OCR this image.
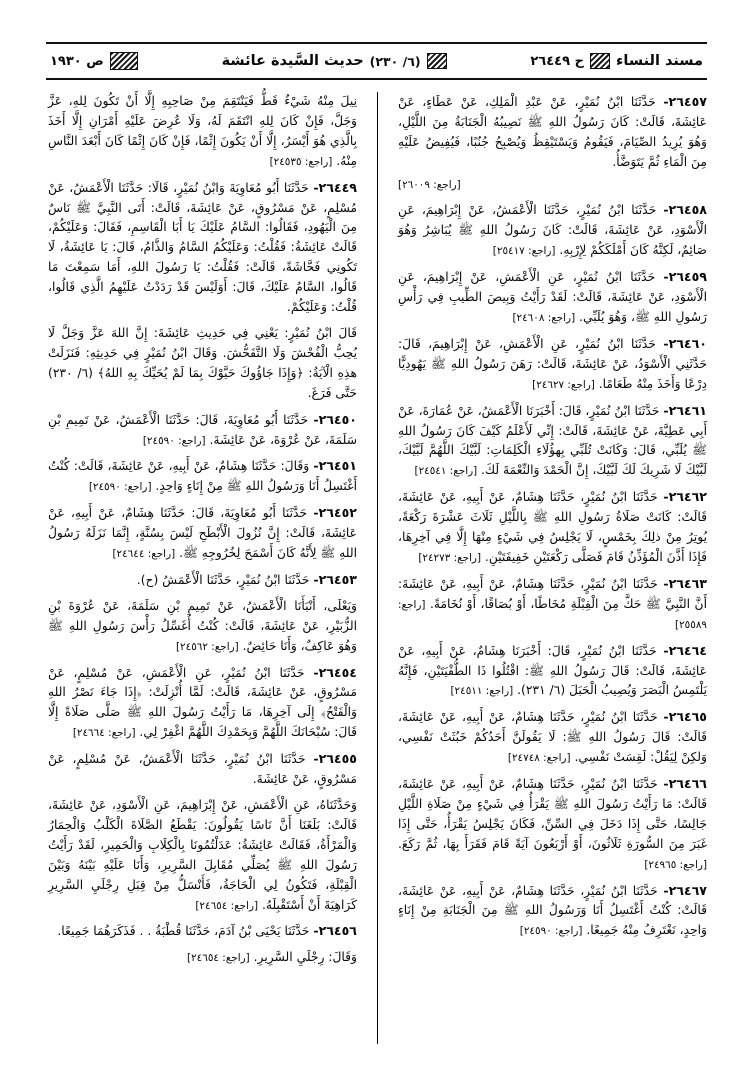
ص ١٩٣٠	(٦/ ٢٣٠)
حديث السَّيدة عائشة	مسند النساء
ح ٢٦٤٤٩

٢٦٤٥٧- حَدَّثَنَا ابْنُ نُمَيْرٍ، عَنْ عَبْدِ الْمَلِكِ، عَنْ عَطَاءٍ، عَنْ عَائِشَةَ، قَالَتْ: كَانَ رَسُولُ اللهِ ﷺ نَصِيبُهُ الْجَنَابَةُ مِنَ اللَّيْلِ، وَهُوَ يُرِيدُ الصِّيَامَ، فَيَقُومُ وَيَسْتَيْقِظُ وَيُصْبِحُ جُنُبًا، فَيُفِيضُ عَلَيْهِ مِنَ الْمَاءِ ثُمَّ يَتَوَضَّأُ.

[راجع: ٢٦٠٠٩]

٢٦٤٥٨- حَدَّثَنَا ابْنُ نُمَيْرٍ، حَدَّثَنَا الْأَعْمَشُ، عَنْ إِبْرَاهِيمَ، عَنِ الْأَسْوَدِ، عَنْ عَائِشَةَ، قَالَتْ: كَانَ رَسُولُ اللهِ ﷺ يُبَاشِرُ وَهُوَ صَائِمٌ، لَكِنَّهُ كَانَ أَمْلَكَكُمْ لِإِرْبِهِ. [راجع: ٢٥٤١٧]

٢٦٤٥٩- حَدَّثَنَا ابْنُ نُمَيْرٍ، عَنِ الْأَعْمَشِ، عَنْ إِبْرَاهِيمَ، عَنِ الْأَسْوَدِ، عَنْ عَائِشَةَ، قَالَتْ: لَقَدْ رَأَيْتُ وَبِيصَ الطِّيبِ فِي رَأْسِ رَسُولِ اللهِ ﷺ، وَهُوَ يُلَبِّي. [راجع: ٢٤٦٠٨]

٢٦٤٦٠- حَدَّثَنَا ابْنُ نُمَيْرٍ، عَنِ الْأَعْمَشِ، عَنْ إِبْرَاهِيمَ، قَالَ: حَدَّثَنِي الْأَسْوَدُ، عَنْ عَائِشَةَ، قَالَتْ: رَهَنَ رَسُولُ اللهِ ﷺ يَهُودِيًّا دِرْعًا وَأَخَذَ مِنْهُ طَعَامًا. [راجع: ٢٤٦٢٧]

٢٦٤٦١- حَدَّثَنَا ابْنُ نُمَيْرٍ، قَالَ: أَخْبَرَنَا الْأَعْمَشُ، عَنْ عُمَارَةَ، عَنْ أَبِي عَطِيَّةَ، عَنْ عَائِشَةَ، قَالَتْ: إِنِّي لَأَعْلَمُ كَيْفَ كَانَ رَسُولُ اللهِ ﷺ يُلَبِّي، قَالَ: وَكَانَتْ تُلَبِّي بِهؤُلَاءِ الْكَلِمَاتِ: لَبَّيْكَ اللَّهُمَّ لَبَّيْكَ، لَبَّيْكَ لَا شَرِيكَ لَكَ لَبَّيْكَ، إِنَّ الْحَمْدَ وَالنِّعْمَةَ لَكَ. [راجع: ٢٤٥٤١]

٢٦٤٦٢- حَدَّثَنَا ابْنُ نُمَيْرٍ، حَدَّثَنَا هِشَامٌ، عَنْ أَبِيهِ، عَنْ عَائِشَةَ، قَالَتْ: كَانَتْ صَلَاةُ رَسُولِ اللهِ ﷺ بِاللَّيْلِ ثَلَاثَ عَشْرَةَ رَكْعَةً، يُوتِرُ مِنْ ذلِكَ بِخَمْسٍ، لَا يَجْلِسُ فِي شَيْءٍ مِنْهَا إِلَّا فِي آخِرِهَا، فَإِذَا أَذَّنَ الْمُؤَذِّنُ قَامَ فَصَلَّى رَكْعَتَيْنِ خَفِيفَتَيْنِ. [راجع: ٢٤٢٧٣]

٢٦٤٦٣- حَدَّثَنَا ابْنُ نُمَيْرٍ، حَدَّثَنَا هِشَامٌ، عَنْ أَبِيهِ، عَنْ عَائِشَةَ: أَنَّ النَّبِيَّ ﷺ حَكَّ مِنَ الْقِبْلَةِ مُخَاطًا، أَوْ بُصَاقًا، أَوْ نُخَامَةً. [راجع: ٢٥٥٨٩]

٢٦٤٦٤- حَدَّثَنَا ابْنُ نُمَيْرٍ، قَالَ: أَخْبَرَنَا هِشَامٌ، عَنْ أَبِيهِ، عَنْ عَائِشَةَ، قَالَتْ: قَالَ رَسُولُ اللهِ ﷺ: اقْتُلُوا ذَا الطُّفْيَتَيْنِ، فَإِنَّهُ يَلْتَمِسُ الْبَصَرَ وَيُصِيبُ الْحَبَلَ (٦/ ٢٣١). [راجع: ٢٤٥١١]

٢٦٤٦٥- حَدَّثَنَا ابْنُ نُمَيْرٍ، حَدَّثَنَا هِشَامٌ، عَنْ أَبِيهِ، عَنْ عَائِشَةَ، قَالَتْ: قَالَ رَسُولُ اللهِ ﷺ: لَا يَقُولَنَّ أَحَدُكُمْ خَبُثَتْ نَفْسِي، وَلكِنْ لِيَقُلْ: لَقِسَتْ نَفْسِي. [راجع: ٢٤٧٤٨]

٢٦٤٦٦- حَدَّثَنَا ابْنُ نُمَيْرٍ، حَدَّثَنَا هِشَامٌ، عَنْ أَبِيهِ، عَنْ عَائِشَةَ، قَالَتْ: مَا رَأَيْتُ رَسُولَ اللهِ ﷺ يَقْرَأُ فِي شَيْءٍ مِنْ صَلَاةِ اللَّيْلِ جَالِسًا، حَتَّى إِذَا دَخَلَ فِي السِّنِّ، فَكَانَ يَجْلِسُ يَقْرَأُ، حَتَّى إِذَا غَبَرَ مِنَ السُّورَةِ ثَلَاثُونَ، أَوْ أَرْبَعُونَ آيَةً قَامَ فَقَرَأَ بِهَا، ثُمَّ رَكَعَ. [راجع: ٢٤٩٦٥]

٢٦٤٦٧- حَدَّثَنَا ابْنُ نُمَيْرٍ، حَدَّثَنَا هِشَامٌ، عَنْ أَبِيهِ، عَنْ عَائِشَةَ، قَالَتْ: كُنْتُ أَغْتَسِلُ أَنَا وَرَسُولُ اللهِ ﷺ مِنَ الْجَنَابَةِ مِنْ إِنَاءٍ وَاحِدٍ، نَغْتَرِفُ مِنْهُ جَمِيعًا. [راجع: ٢٤٥٩٠]

نِيلَ مِنْهُ شَيْءٌ قَطُّ فَيَنْتَقِمَ مِنْ صَاحِبِهِ إِلَّا أَنْ تَكُونَ لِلهِ، عَزَّ وَجَلَّ، فَإِنْ كَانَ لِلهِ انْتَقَمَ لَهُ، وَلَا عُرِضَ عَلَيْهِ أَمْرَانِ إِلَّا أَخَذَ بِالَّذِي هُوَ أَيْسَرُ، إِلَّا أَنْ يَكُونَ إِثْمًا، فَإِنْ كَانَ إِثْمًا كَانَ أَبْعَدَ النَّاسِ مِنْهُ. [راجع: ٢٤٥٣٥]

٢٦٤٤٩- حَدَّثَنَا أَبُو مُعَاوِيَةَ وَابْنُ نُمَيْرٍ، قَالَا: حَدَّثَنَا الْأَعْمَشُ، عَنْ مُسْلِمٍ، عَنْ مَسْرُوقٍ، عَنْ عَائِشَةَ، قَالَتْ: أَتَى النَّبِيَّ ﷺ نَاسٌ مِنَ الْيَهُودِ، فَقَالُوا: السَّامُ عَلَيْكَ يَا أَبَا الْقَاسِمِ، فَقَالَ: وَعَلَيْكُمْ، قَالَتْ عَائِشَةُ: فَقُلْتُ: وَعَلَيْكُمُ السَّامُ وَالذَّامُ، قَالَ: يَا عَائِشَةُ، لَا تَكُونِي فَحَّاشَةً، قَالَتْ: فَقُلْتُ: يَا رَسُولَ اللهِ، أَمَا سَمِعْتَ مَا قَالُوا، السَّامُ عَلَيْكَ، قَالَ: أَوَلَيْسَ قَدْ رَدَدْتُ عَلَيْهِمُ الَّذِي قَالُوا، قُلْتُ: وَعَلَيْكُمْ.

قَالَ ابْنُ نُمَيْرٍ: يَعْنِي فِي حَدِيثِ عَائِشَةَ: إِنَّ اللهَ عَزَّ وَجَلَّ لَا يُحِبُّ الْفُحْشَ وَلَا التَّفَحُّشَ. وَقَالَ ابْنُ نُمَيْرٍ فِي حَدِيثِهِ: فَنَزَلَتْ هذِهِ الْآيَةُ: ﴿وَإِذَا جَاؤُوكَ حَيَّوْكَ بِمَا لَمْ يُحَيِّكَ بِهِ اللهُ﴾ (٦/ ٢٣٠) حَتَّى فَرَغَ.

٢٦٤٥٠- حَدَّثَنَا أَبُو مُعَاوِيَةَ، قَالَ: حَدَّثَنَا الْأَعْمَشُ، عَنْ تَمِيمِ بْنِ سَلَمَةَ، عَنْ عُرْوَةَ، عَنْ عَائِشَةَ. [راجع: ٢٤٥٩٠]

٢٦٤٥١- وَقَالَ: حَدَّثَنَا هِشَامٌ، عَنْ أَبِيهِ، عَنْ عَائِشَةَ، قَالَتْ: كُنْتُ أَغْتَسِلُ أَنَا وَرَسُولُ اللهِ ﷺ مِنْ إِنَاءٍ وَاحِدٍ. [راجع: ٢٤٥٩٠]

٢٦٤٥٢- حَدَّثَنَا أَبُو مُعَاوِيَةَ، قَالَ: حَدَّثَنَا هِشَامٌ، عَنْ أَبِيهِ، عَنْ عَائِشَةَ، قَالَتْ: إِنَّ نُزُولَ الْأَبْطَحِ لَيْسَ بِسُنَّةٍ، إِنَّمَا نَزَلَهُ رَسُولُ اللهِ ﷺ لِأَنَّهُ كَانَ أَسْمَحَ لِخُرُوجِهِ ﷺ. [راجع: ٢٤٦٤٤]

٢٦٤٥٣- حَدَّثَنَا ابْنُ نُمَيْرٍ، حَدَّثَنَا الْأَعْمَشُ (ح).

وَيَعْلَى، أَنْبَأَنَا الْأَعْمَشُ، عَنْ تَمِيمِ بْنِ سَلَمَةَ، عَنْ عُرْوَةَ بْنِ الزُّبَيْرِ، عَنْ عَائِشَةَ، قَالَتْ: كُنْتُ أُغَسِّلُ رَأْسَ رَسُولِ اللهِ ﷺ وَهُوَ عَاكِفٌ، وَأَنَا حَائِضٌ. [راجع: ٢٤٥٦٢]

٢٦٤٥٤- حَدَّثَنَا ابْنُ نُمَيْرٍ، عَنِ الْأَعْمَشِ، عَنْ مُسْلِمٍ، عَنْ مَسْرُوقٍ، عَنْ عَائِشَةَ، قَالَتْ: لَمَّا أُنْزِلَتْ: ﴿إِذَا جَاءَ نَصْرُ اللهِ وَالْفَتْحُ﴾ إِلَى آخِرِهَا، مَا رَأَيْتُ رَسُولَ اللهِ ﷺ صَلَّى صَلَاةً إِلَّا قَالَ: سُبْحَانَكَ اللَّهُمَّ وَبِحَمْدِكَ اللَّهُمَّ اغْفِرْ لِي. [راجع: ٢٤٦٦٤]

٢٦٤٥٥- حَدَّثَنَا ابْنُ نُمَيْرٍ، حَدَّثَنَا الْأَعْمَشُ، عَنْ مُسْلِمٍ، عَنْ مَسْرُوقٍ، عَنْ عَائِشَةَ.

وَحَدَّثَنَاهُ، عَنِ الْأَعْمَشِ، عَنْ إِبْرَاهِيمَ، عَنِ الْأَسْوَدِ، عَنْ عَائِشَةَ، قَالَتْ: بَلَغَنَا أَنَّ نَاسًا يَقُولُونَ: يَقْطَعُ الصَّلَاةَ الْكَلْبُ وَالْحِمَارُ وَالْمَرْأَةُ، فَقَالَتْ عَائِشَةُ: عَدَلْتُمُونَا بِالْكِلَابِ وَالْحَمِيرِ، لَقَدْ رَأَيْتُ رَسُولَ اللهِ ﷺ يُصَلِّي مُقَابِلَ السَّرِيرِ، وَأَنَا عَلَيْهِ بَيْنَهُ وَبَيْنَ الْقِبْلَةِ، فَتَكُونُ لِي الْحَاجَةُ، فَأَنْسَلُّ مِنْ قِبَلِ رِجْلَيِ السَّرِيرِ كَرَاهِيَةَ أَنْ أَسْتَقْبِلَهُ. [راجع: ٢٤٦٥٤]

٢٦٤٥٦- حَدَّثَنَا يَحْيَى بْنُ آدَمَ، حَدَّثَنَا قُطْبَةُ . . فَذَكَرَهُمَا جَمِيعًا.

وَقَالَ: رِجْلَيِ السَّرِيرِ. [راجع: ٢٤٦٥٤]
